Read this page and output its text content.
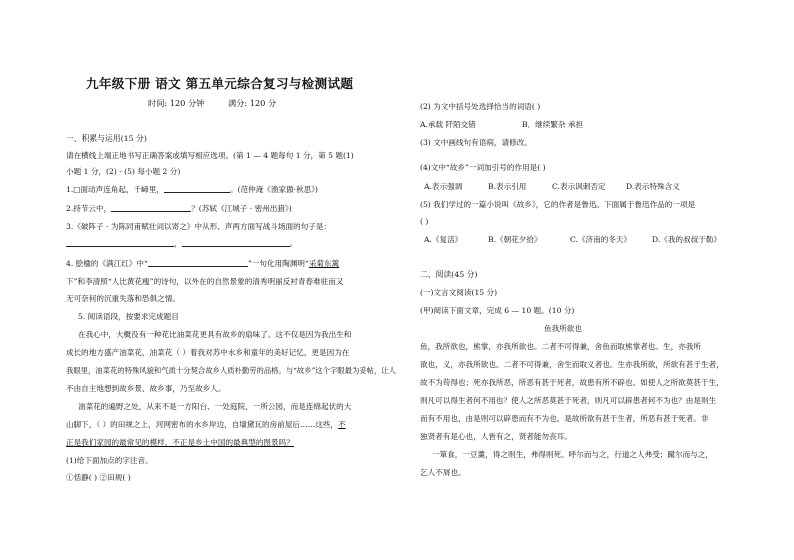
九年级下册 语文 第五单元综合复习与检测试题
时间: 120 分钟	满分: 120 分
一、积累与运用(15 分)
请在横线上端正地书写正确答案或填写相应选项。(第 1 — 4 题每句 1 分，第 5 题(1)
小题 1 分，(2) - (5) 每小题 2 分)
1.□面动声连角起，千嶂里，	。(范仲淹《渔家傲·秋思》)
2.持节云中，	？(苏轼《江城子 · 密州出猎》)
3.《破阵子 · 为陈同甫赋壮词以寄之》中从形、声两方面写战斗场面的句子是：
，	。
4. 脍楹的《满江红》中“	”一句化用陶渊明“采菊东篱
下”和李清照“人比黄花瘦”的诗句，以外在的自然景象的清秀明丽反衬青春难驻而又
无可奈何的沉重失落和恐俱之情。
5. 阅读语段，按要求完成题目
在我心中，大概没有一种花比油菜花更具有故乡的扇味了。这不仅是因为我出生和
成长的地方盛产油菜花，油菜花（ ）着我对苏中水乡和童年的美好记忆，更是因为在
我眼里，油菜花的特殊风貌和气质十分契合故乡人质朴勤劳的品格。与“故乡”这个字眼最为妥帖，让人
不由自主地想到故乡景、故乡事，乃至故乡人。
油菜花的遍野之处，从来不是一方阳台、一处庭院、一所公园，而是连绵起伏的大
山脚下，（ ）的田规之上，河网密布的水乡岸边，自墙黛瓦的房前屋后……这些，不
正是我们家园的最常见的模样，不正是乡土中国的最典型的图景吗？
(1)给下面加点的字注音。
①恬静( ) ②田规( )
(2) 为文中括号处选择恰当的词语( )
A.承载 阡陌交错	B．继续繁杂 承担
(3) 文中画线句有语病，请修改。
(4)文中“故乡”一词加引号的作用是( )
A.表示强调	B.表示引用	C.表示讽刺否定	D.表示特殊含义
(5) 我们学过的一篇小说叫《故乡》，它的作者是鲁迅。下面属于鲁迅作品的一项是
( )
A.《复活》	B.《朝花夕拾》	C.《济南的冬天》	D.《我的叔叔于勒》
二、阅读(45 分)
(一)文言文阅读(15 分)
(甲)阅读下面文章，完成 6 — 10 题。(10 分)
鱼我所欲也
鱼，我所欲也，熊掌，亦我所欲也。二者不可得兼，舍鱼而取熊掌者也。生，亦我所
欲也，义，亦我所欲也。二者不可得兼，舍生而取义者也。生亦我所欲，所欲有甚于生者，
故不为苟得也；死亦我所恶，所恶有甚于死者，故患有所不辟也。如使人之所欲莫甚于生，
则凡可以得生者何不用也？使人之所恶莫甚于死者，则凡可以辟患者何不为也？由是则生
而有不用也，由是则可以辟患而有不为也。是故所欲有甚于生者，所恶有甚于死者。非
独贤者有是心也，人皆有之，贤者能勿丧耳。
一箪食，一豆羹，得之则生，弗得则死。呼尔而与之，行道之人弗受；蹴尔而与之，
乞人不屑也。
